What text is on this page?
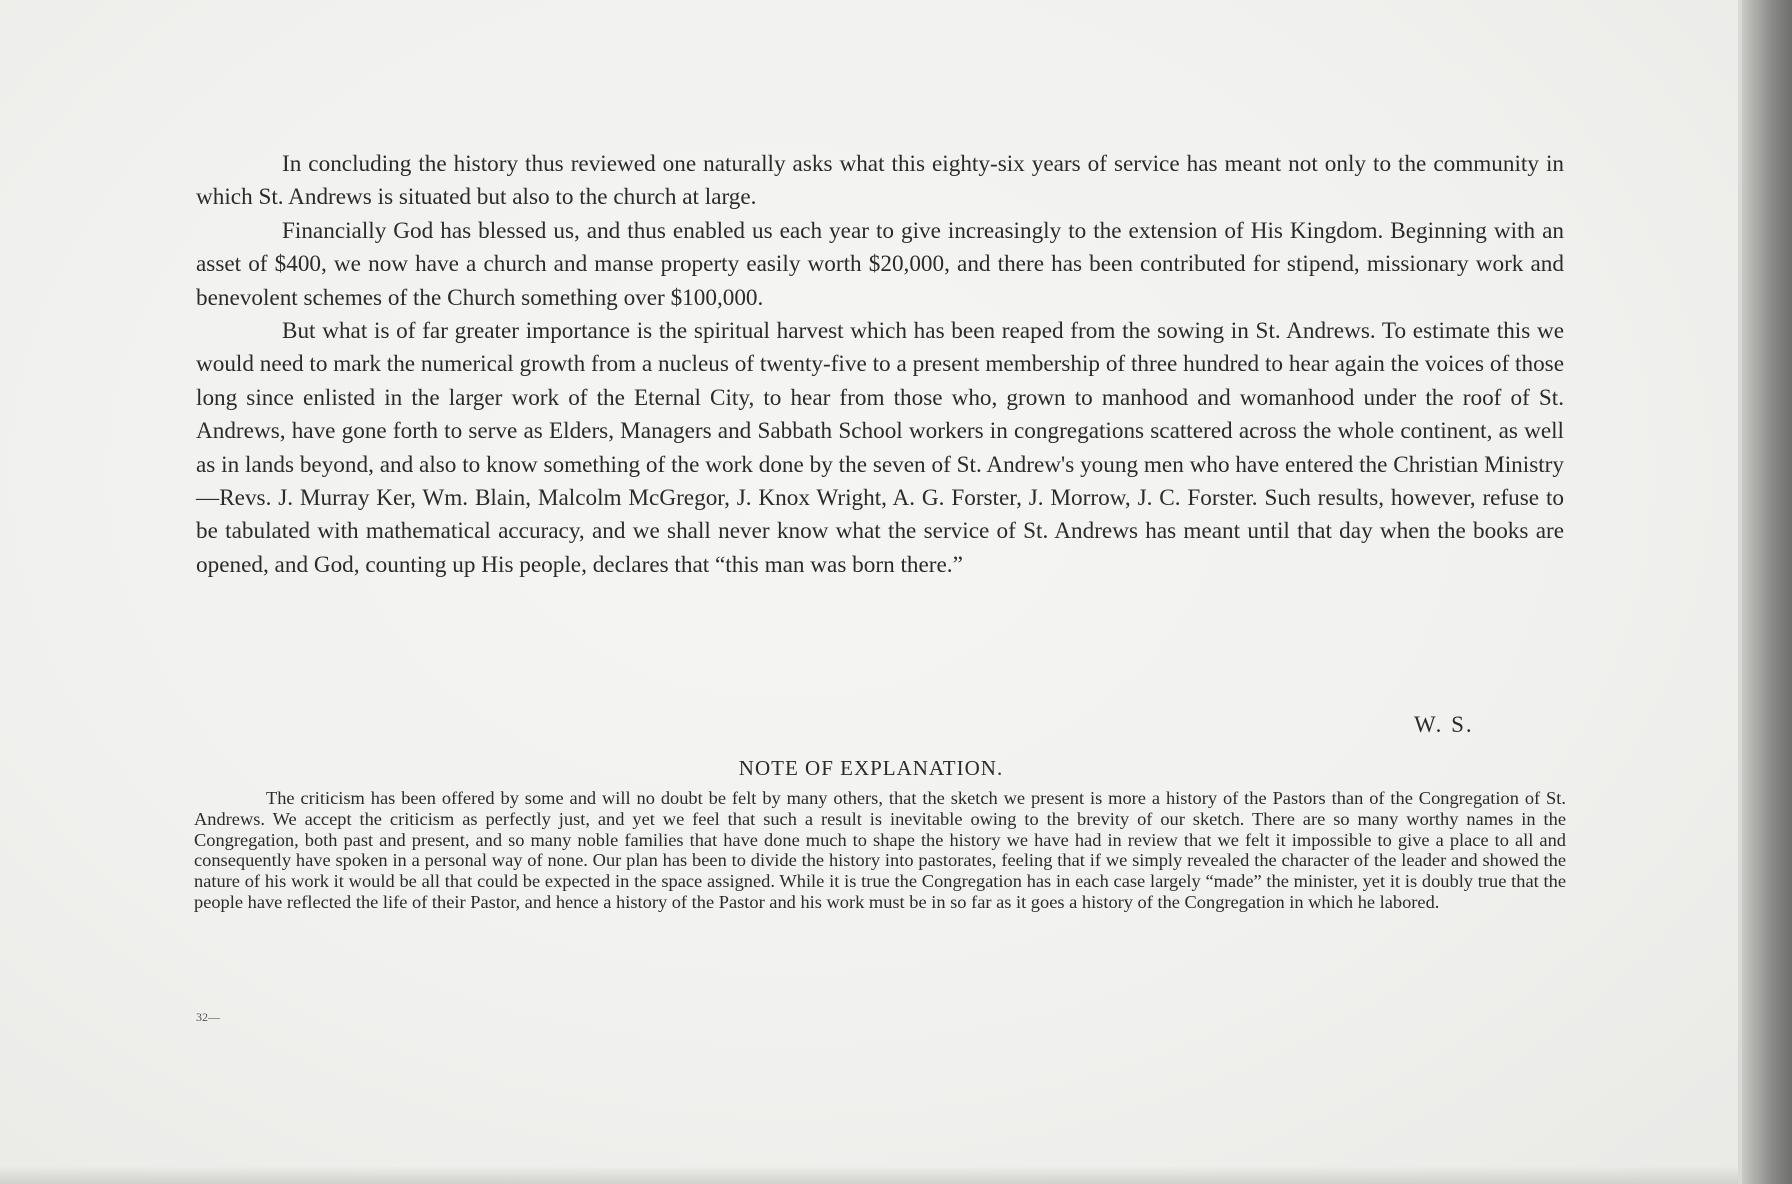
In concluding the history thus reviewed one naturally asks what this eighty-six years of service has meant not only to the community in which St. Andrews is situated but also to the church at large.

Financially God has blessed us, and thus enabled us each year to give increasingly to the extension of His Kingdom. Beginning with an asset of $400, we now have a church and manse property easily worth $20,000, and there has been contributed for stipend, missionary work and benevolent schemes of the Church something over $100,000.

But what is of far greater importance is the spiritual harvest which has been reaped from the sowing in St. Andrews. To estimate this we would need to mark the numerical growth from a nucleus of twenty-five to a present membership of three hundred to hear again the voices of those long since enlisted in the larger work of the Eternal City, to hear from those who, grown to manhood and womanhood under the roof of St. Andrews, have gone forth to serve as Elders, Managers and Sabbath School workers in congregations scattered across the whole continent, as well as in lands beyond, and also to know something of the work done by the seven of St. Andrew's young men who have entered the Christian Ministry—Revs. J. Murray Ker, Wm. Blain, Malcolm McGregor, J. Knox Wright, A. G. Forster, J. Morrow, J. C. Forster. Such results, however, refuse to be tabulated with mathematical accuracy, and we shall never know what the service of St. Andrews has meant until that day when the books are opened, and God, counting up His people, declares that “this man was born there.”

W. S.
NOTE OF EXPLANATION.

The criticism has been offered by some and will no doubt be felt by many others, that the sketch we present is more a history of the Pastors than of the Congregation of St. Andrews. We accept the criticism as perfectly just, and yet we feel that such a result is inevitable owing to the brevity of our sketch. There are so many worthy names in the Congregation, both past and present, and so many noble families that have done much to shape the history we have had in review that we felt it impossible to give a place to all and consequently have spoken in a personal way of none. Our plan has been to divide the history into pastorates, feeling that if we simply revealed the character of the leader and showed the nature of his work it would be all that could be expected in the space assigned. While it is true the Congregation has in each case largely “made” the minister, yet it is doubly true that the people have reflected the life of their Pastor, and hence a history of the Pastor and his work must be in so far as it goes a history of the Congregation in which he labored.

32—
